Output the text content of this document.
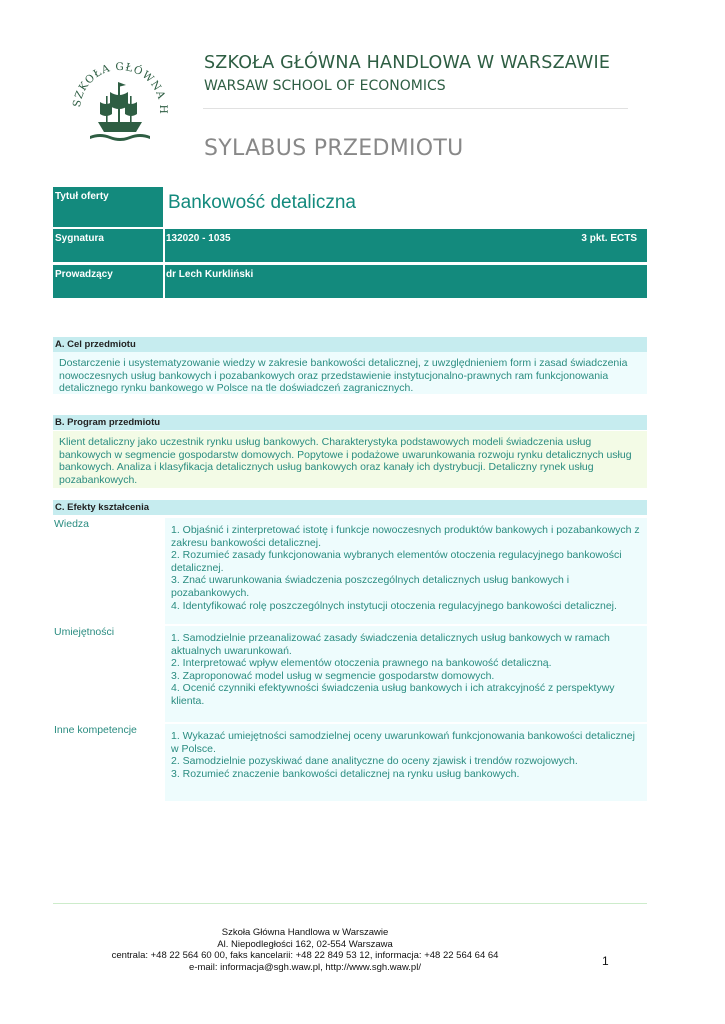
SZKOŁA GŁÓWNA H
SZKOŁA GŁÓWNA HANDLOWA W WARSZAWIE
WARSAW SCHOOL OF ECONOMICS
SYLABUS PRZEDMIOTU
Tytuł oferty	Bankowość detaliczna
Sygnatura	132020 - 1035	3 pkt. ECTS
Prowadzący	dr Lech Kurkliński
A. Cel przedmiotu
Dostarczenie i usystematyzowanie wiedzy w zakresie bankowości detalicznej, z uwzględnieniem form i zasad świadczenia nowoczesnych usług bankowych i pozabankowych oraz przedstawienie instytucjonalno-prawnych ram funkcjonowania detalicznego rynku bankowego w Polsce na tle doświadczeń zagranicznych.
B. Program przedmiotu
Klient detaliczny jako uczestnik rynku usług bankowych. Charakterystyka podstawowych modeli świadczenia usług bankowych w segmencie gospodarstw domowych. Popytowe i podażowe uwarunkowania rozwoju rynku detalicznych usług bankowych. Analiza i klasyfikacja detalicznych usług bankowych oraz kanały ich dystrybucji. Detaliczny rynek usług pozabankowych.
C. Efekty kształcenia
Wiedza	1. Objaśnić i zinterpretować istotę i funkcje nowoczesnych produktów bankowych i pozabankowych z zakresu bankowości detalicznej.
2. Rozumieć zasady funkcjonowania wybranych elementów otoczenia regulacyjnego bankowości detalicznej.
3. Znać uwarunkowania świadczenia poszczególnych detalicznych usług bankowych i pozabankowych.
4. Identyfikować rolę poszczególnych instytucji otoczenia regulacyjnego bankowości detalicznej.
Umiejętności	1. Samodzielnie przeanalizować zasady świadczenia detalicznych usług bankowych w ramach aktualnych uwarunkowań.
2. Interpretować wpływ elementów otoczenia prawnego na bankowość detaliczną.
3. Zaproponować model usług w segmencie gospodarstw domowych.
4. Ocenić czynniki efektywności świadczenia usług bankowych i ich atrakcyjność z perspektywy klienta.
Inne kompetencje	1. Wykazać umiejętności samodzielnej oceny uwarunkowań funkcjonowania bankowości detalicznej w Polsce.
2. Samodzielnie pozyskiwać dane analityczne do oceny zjawisk i trendów rozwojowych.
3. Rozumieć znaczenie bankowości detalicznej na rynku usług bankowych.
Szkoła Główna Handlowa w Warszawie
Al. Niepodległości 162, 02-554 Warszawa
centrala: +48 22 564 60 00, faks kancelarii: +48 22 849 53 12, informacja: +48 22 564 64 64
e-mail: informacja@sgh.waw.pl, http://www.sgh.waw.pl/	1
